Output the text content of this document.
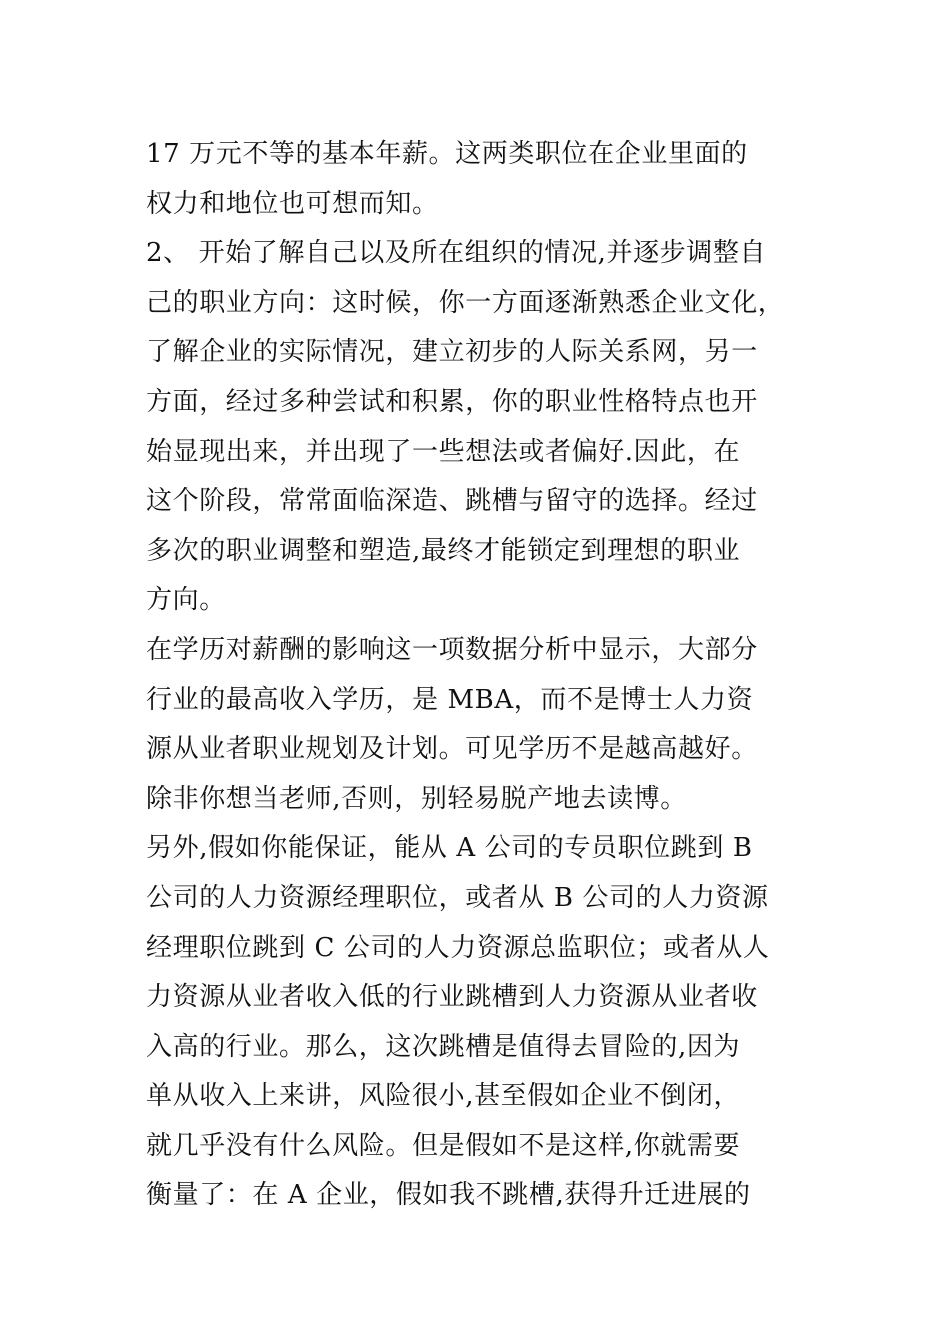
17 万元不等的基本年薪。这两类职位在企业里面的
权力和地位也可想而知。
2、 开始了解自己以及所在组织的情况,并逐步调整自
己的职业方向：这时候，你一方面逐渐熟悉企业文化，
了解企业的实际情况，建立初步的人际关系网，另一
方面，经过多种尝试和积累，你的职业性格特点也开
始显现出来，并出现了一些想法或者偏好.因此，在
这个阶段，常常面临深造、跳槽与留守的选择。经过
多次的职业调整和塑造,最终才能锁定到理想的职业
方向。
在学历对薪酬的影响这一项数据分析中显示，大部分
行业的最高收入学历，是 MBA，而不是博士人力资
源从业者职业规划及计划。可见学历不是越高越好。
除非你想当老师,否则，别轻易脱产地去读博。
另外,假如你能保证，能从 A 公司的专员职位跳到 B
公司的人力资源经理职位，或者从 B 公司的人力资源
经理职位跳到 C 公司的人力资源总监职位；或者从人
力资源从业者收入低的行业跳槽到人力资源从业者收
入高的行业。那么，这次跳槽是值得去冒险的,因为
单从收入上来讲，风险很小,甚至假如企业不倒闭，
就几乎没有什么风险。但是假如不是这样,你就需要
衡量了：在 A 企业，假如我不跳槽,获得升迁进展的
